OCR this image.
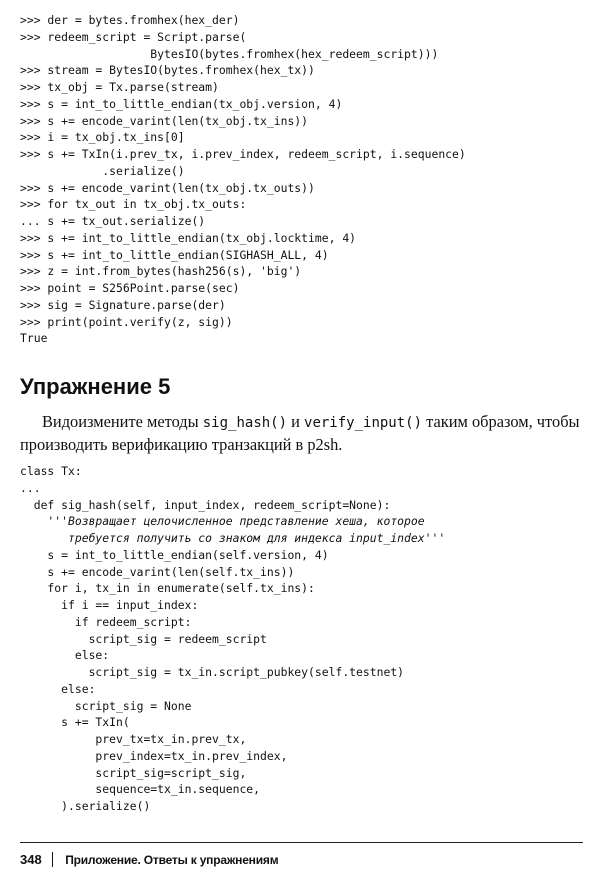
>>> der = bytes.fromhex(hex_der)
>>> redeem_script = Script.parse(
BytesIO(bytes.fromhex(hex_redeem_script)))
>>> stream = BytesIO(bytes.fromhex(hex_tx))
>>> tx_obj = Tx.parse(stream)
>>> s = int_to_little_endian(tx_obj.version, 4)
>>> s += encode_varint(len(tx_obj.tx_ins))
>>> i = tx_obj.tx_ins[0]
>>> s += TxIn(i.prev_tx, i.prev_index, redeem_script, i.sequence)
.serialize()
>>> s += encode_varint(len(tx_obj.tx_outs))
>>> for tx_out in tx_obj.tx_outs:
... s += tx_out.serialize()
>>> s += int_to_little_endian(tx_obj.locktime, 4)
>>> s += int_to_little_endian(SIGHASH_ALL, 4)
>>> z = int.from_bytes(hash256(s), 'big')
>>> point = S256Point.parse(sec)
>>> sig = Signature.parse(der)
>>> print(point.verify(z, sig))
True
Упражнение 5

Видоизмените методы sig_hash() и verify_input() таким образом, чтобы производить верификацию транзакций в p2sh.

class Tx:
...
def sig_hash(self, input_index, redeem_script=None):
'''Возвращает целочисленное представление хеша, которое
требуется получить со знаком для индекса input_index'''
s = int_to_little_endian(self.version, 4)
s += encode_varint(len(self.tx_ins))
for i, tx_in in enumerate(self.tx_ins):
if i == input_index:
if redeem_script:
script_sig = redeem_script
else:
script_sig = tx_in.script_pubkey(self.testnet)
else:
script_sig = None
s += TxIn(
prev_tx=tx_in.prev_tx,
prev_index=tx_in.prev_index,
script_sig=script_sig,
sequence=tx_in.sequence,
).serialize()
348 Приложение. Ответы к упражнениям
